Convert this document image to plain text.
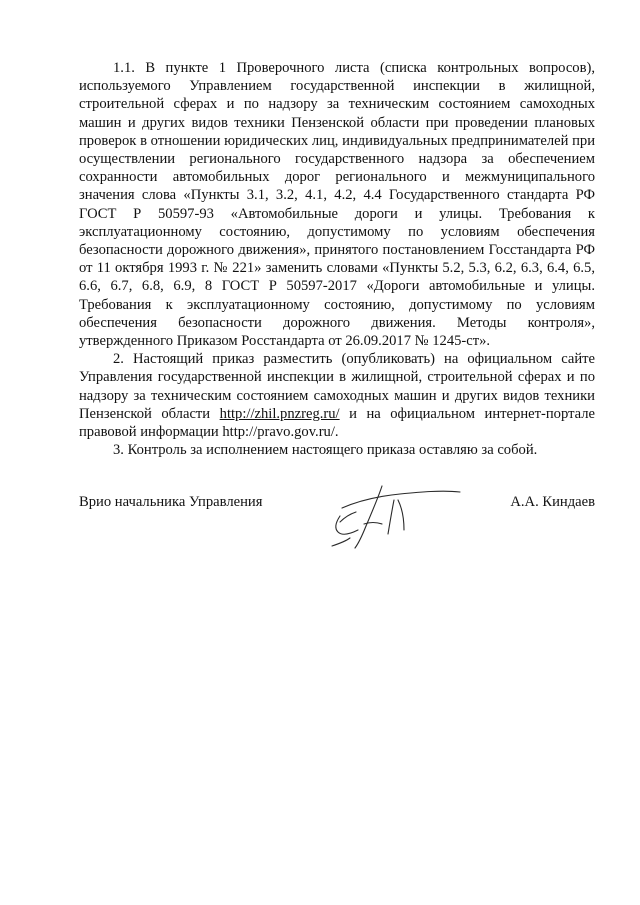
1.1. В пункте 1 Проверочного листа (списка контрольных вопросов), используемого Управлением государственной инспекции в жилищной, строительной сферах и по надзору за техническим состоянием самоходных машин и других видов техники Пензенской области при проведении плановых проверок в отношении юридических лиц, индивидуальных предпринимателей при осуществлении регионального государственного надзора за обеспечением сохранности автомобильных дорог регионального и межмуниципального значения слова «Пункты 3.1, 3.2, 4.1, 4.2, 4.4 Государственного стандарта РФ ГОСТ Р 50597-93 «Автомобильные дороги и улицы. Требования к эксплуатационному состоянию, допустимому по условиям обеспечения безопасности дорожного движения», принятого постановлением Госстандарта РФ от 11 октября 1993 г. № 221» заменить словами «Пункты 5.2, 5.3, 6.2, 6.3, 6.4, 6.5, 6.6, 6.7, 6.8, 6.9, 8 ГОСТ Р 50597-2017 «Дороги автомобильные и улицы. Требования к эксплуатационному состоянию, допустимому по условиям обеспечения безопасности дорожного движения. Методы контроля», утвержденного Приказом Росстандарта от 26.09.2017 № 1245-ст».

2. Настоящий приказ разместить (опубликовать) на официальном сайте Управления государственной инспекции в жилищной, строительной сферах и по надзору за техническим состоянием самоходных машин и других видов техники Пензенской области http://zhil.pnzreg.ru/ и на официальном интернет-портале правовой информации http://pravo.gov.ru/.

3. Контроль за исполнением настоящего приказа оставляю за собой.

Врио начальника Управления	А.А. Киндаев
